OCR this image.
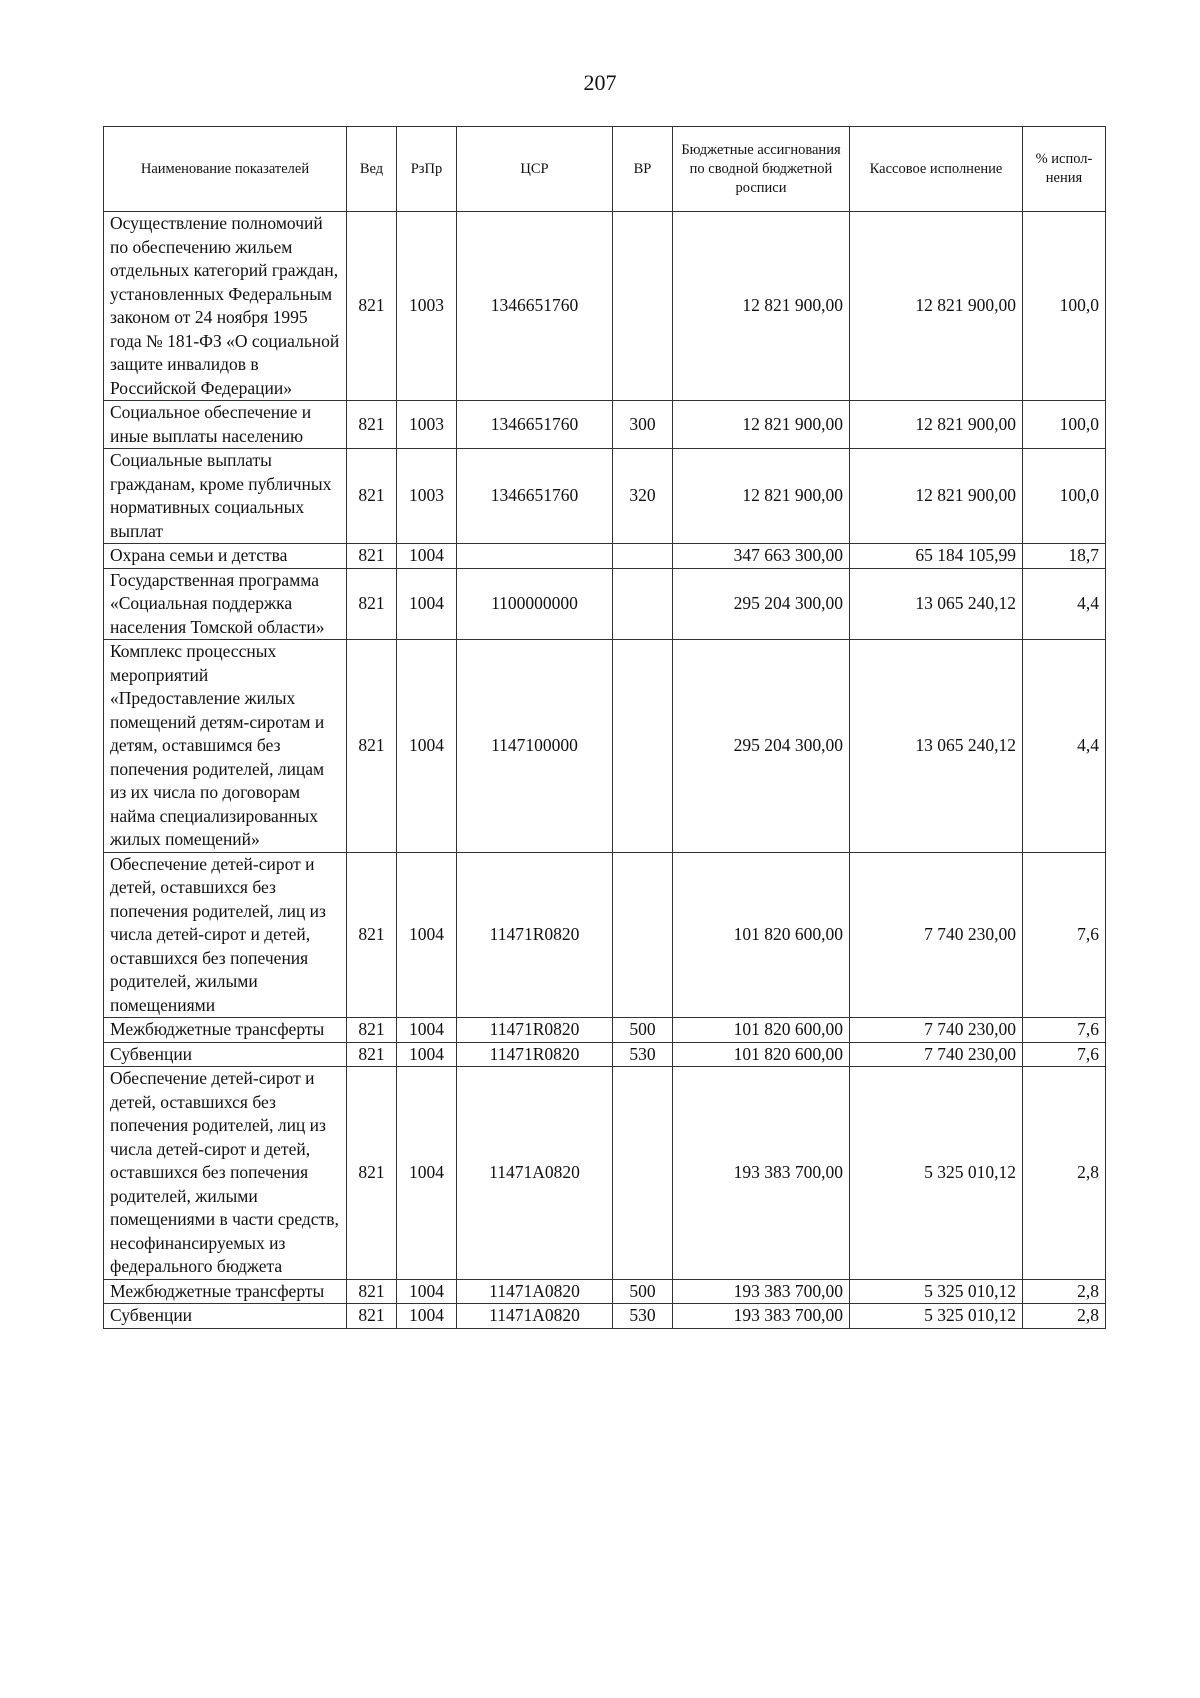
207
Наименование показателей	Вед	РзПр	ЦСР	ВР	Бюджетные ассигнования по сводной бюджетной росписи	Кассовое исполнение	% испол-нения
Осуществление полномочий по обеспечению жильем отдельных категорий граждан, установленных Федеральным законом от 24 ноября 1995 года № 181-ФЗ «О социальной защите инвалидов в Российской Федерации»	821	1003	1346651760		12 821 900,00	12 821 900,00	100,0
Социальное обеспечение и иные выплаты населению	821	1003	1346651760	300	12 821 900,00	12 821 900,00	100,0
Социальные выплаты гражданам, кроме публичных нормативных социальных выплат	821	1003	1346651760	320	12 821 900,00	12 821 900,00	100,0
Охрана семьи и детства	821	1004			347 663 300,00	65 184 105,99	18,7
Государственная программа «Социальная поддержка населения Томской области»	821	1004	1100000000		295 204 300,00	13 065 240,12	4,4
Комплекс процессных мероприятий «Предоставление жилых помещений детям-сиротам и детям, оставшимся без попечения родителей, лицам из их числа по договорам найма специализированных жилых помещений»	821	1004	1147100000		295 204 300,00	13 065 240,12	4,4
Обеспечение детей-сирот и детей, оставшихся без попечения родителей, лиц из числа детей-сирот и детей, оставшихся без попечения родителей, жилыми помещениями	821	1004	11471R0820		101 820 600,00	7 740 230,00	7,6
Межбюджетные трансферты	821	1004	11471R0820	500	101 820 600,00	7 740 230,00	7,6
Субвенции	821	1004	11471R0820	530	101 820 600,00	7 740 230,00	7,6
Обеспечение детей-сирот и детей, оставшихся без попечения родителей, лиц из числа детей-сирот и детей, оставшихся без попечения родителей, жилыми помещениями в части средств, несофинансируемых из федерального бюджета	821	1004	11471А0820		193 383 700,00	5 325 010,12	2,8
Межбюджетные трансферты	821	1004	11471А0820	500	193 383 700,00	5 325 010,12	2,8
Субвенции	821	1004	11471А0820	530	193 383 700,00	5 325 010,12	2,8
